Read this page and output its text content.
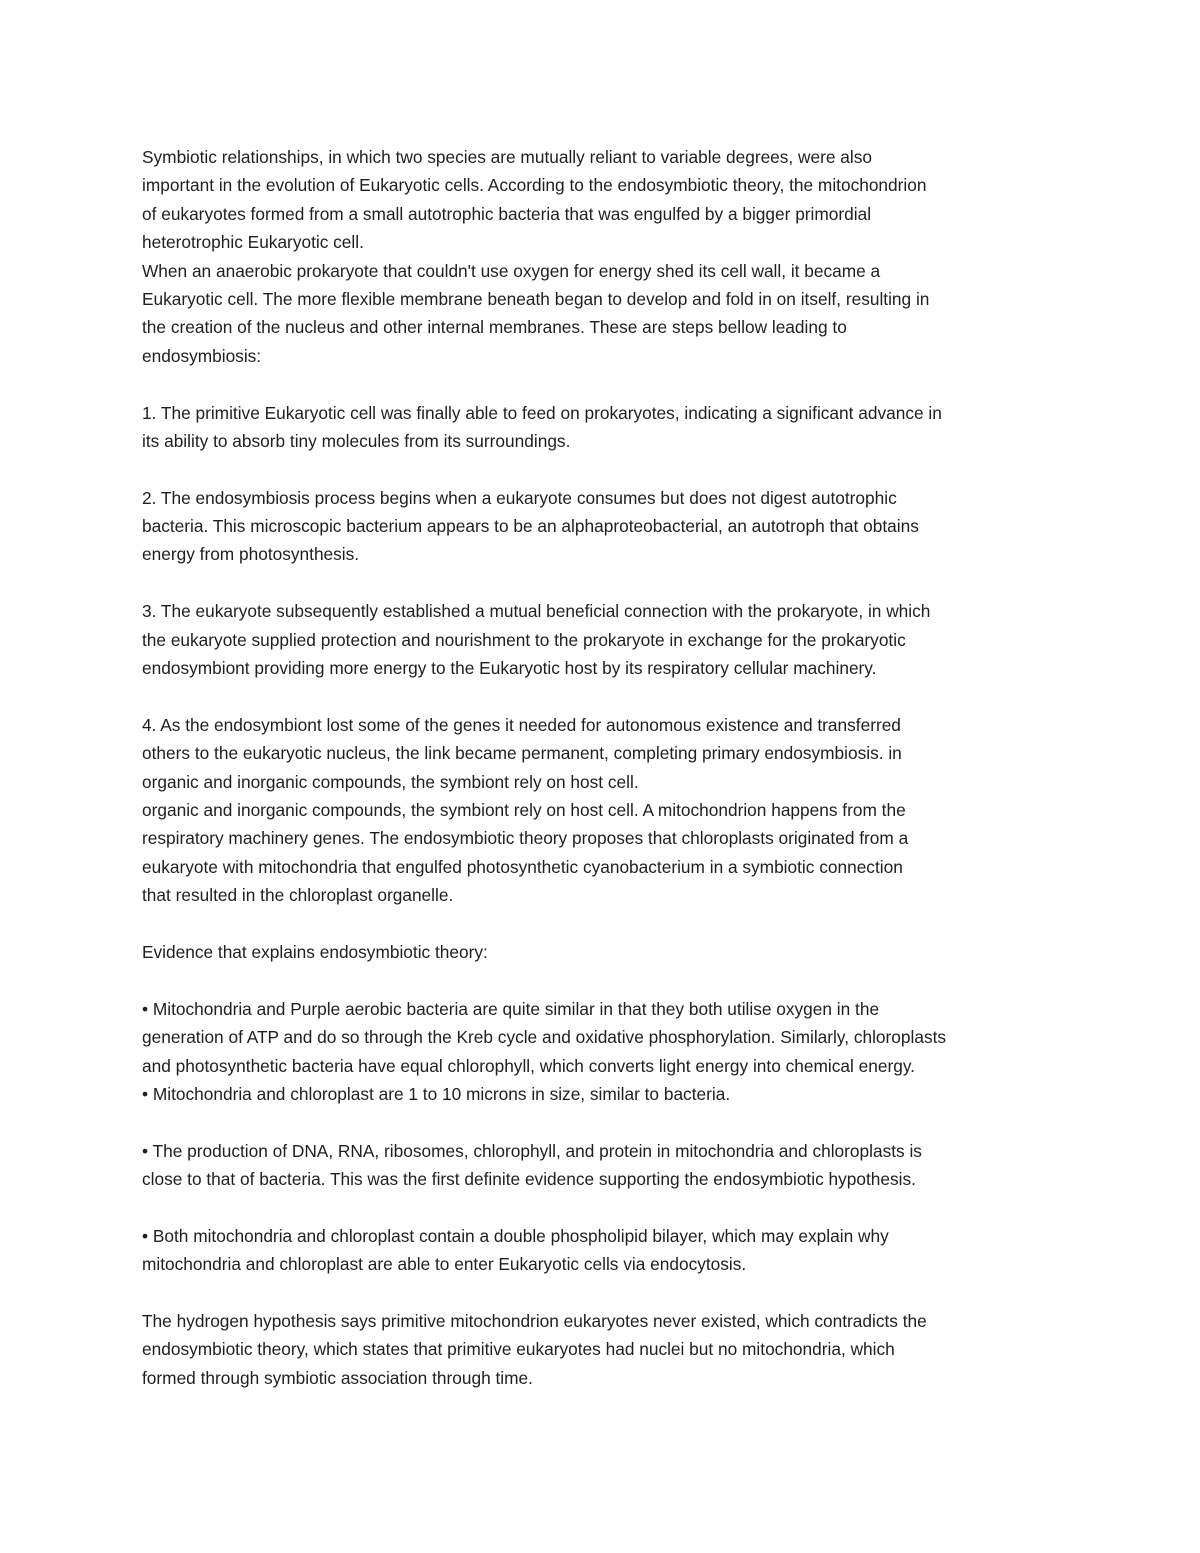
Symbiotic relationships, in which two species are mutually reliant to variable degrees, were also
important in the evolution of Eukaryotic cells. According to the endosymbiotic theory, the mitochondrion
of eukaryotes formed from a small autotrophic bacteria that was engulfed by a bigger primordial
heterotrophic Eukaryotic cell.
When an anaerobic prokaryote that couldn't use oxygen for energy shed its cell wall, it became a
Eukaryotic cell. The more flexible membrane beneath began to develop and fold in on itself, resulting in
the creation of the nucleus and other internal membranes. These are steps bellow leading to
endosymbiosis:
1. The primitive Eukaryotic cell was finally able to feed on prokaryotes, indicating a significant advance in
its ability to absorb tiny molecules from its surroundings.
2. The endosymbiosis process begins when a eukaryote consumes but does not digest autotrophic
bacteria. This microscopic bacterium appears to be an alphaproteobacterial, an autotroph that obtains
energy from photosynthesis.
3. The eukaryote subsequently established a mutual beneficial connection with the prokaryote, in which
the eukaryote supplied protection and nourishment to the prokaryote in exchange for the prokaryotic
endosymbiont providing more energy to the Eukaryotic host by its respiratory cellular machinery.
4. As the endosymbiont lost some of the genes it needed for autonomous existence and transferred
others to the eukaryotic nucleus, the link became permanent, completing primary endosymbiosis. in
organic and inorganic compounds, the symbiont rely on host cell.
organic and inorganic compounds, the symbiont rely on host cell. A mitochondrion happens from the
respiratory machinery genes. The endosymbiotic theory proposes that chloroplasts originated from a
eukaryote with mitochondria that engulfed photosynthetic cyanobacterium in a symbiotic connection
that resulted in the chloroplast organelle.
Evidence that explains endosymbiotic theory:
• Mitochondria and Purple aerobic bacteria are quite similar in that they both utilise oxygen in the
generation of ATP and do so through the Kreb cycle and oxidative phosphorylation. Similarly, chloroplasts
and photosynthetic bacteria have equal chlorophyll, which converts light energy into chemical energy.
• Mitochondria and chloroplast are 1 to 10 microns in size, similar to bacteria.
• The production of DNA, RNA, ribosomes, chlorophyll, and protein in mitochondria and chloroplasts is
close to that of bacteria. This was the first definite evidence supporting the endosymbiotic hypothesis.
• Both mitochondria and chloroplast contain a double phospholipid bilayer, which may explain why
mitochondria and chloroplast are able to enter Eukaryotic cells via endocytosis.
The hydrogen hypothesis says primitive mitochondrion eukaryotes never existed, which contradicts the
endosymbiotic theory, which states that primitive eukaryotes had nuclei but no mitochondria, which
formed through symbiotic association through time.
